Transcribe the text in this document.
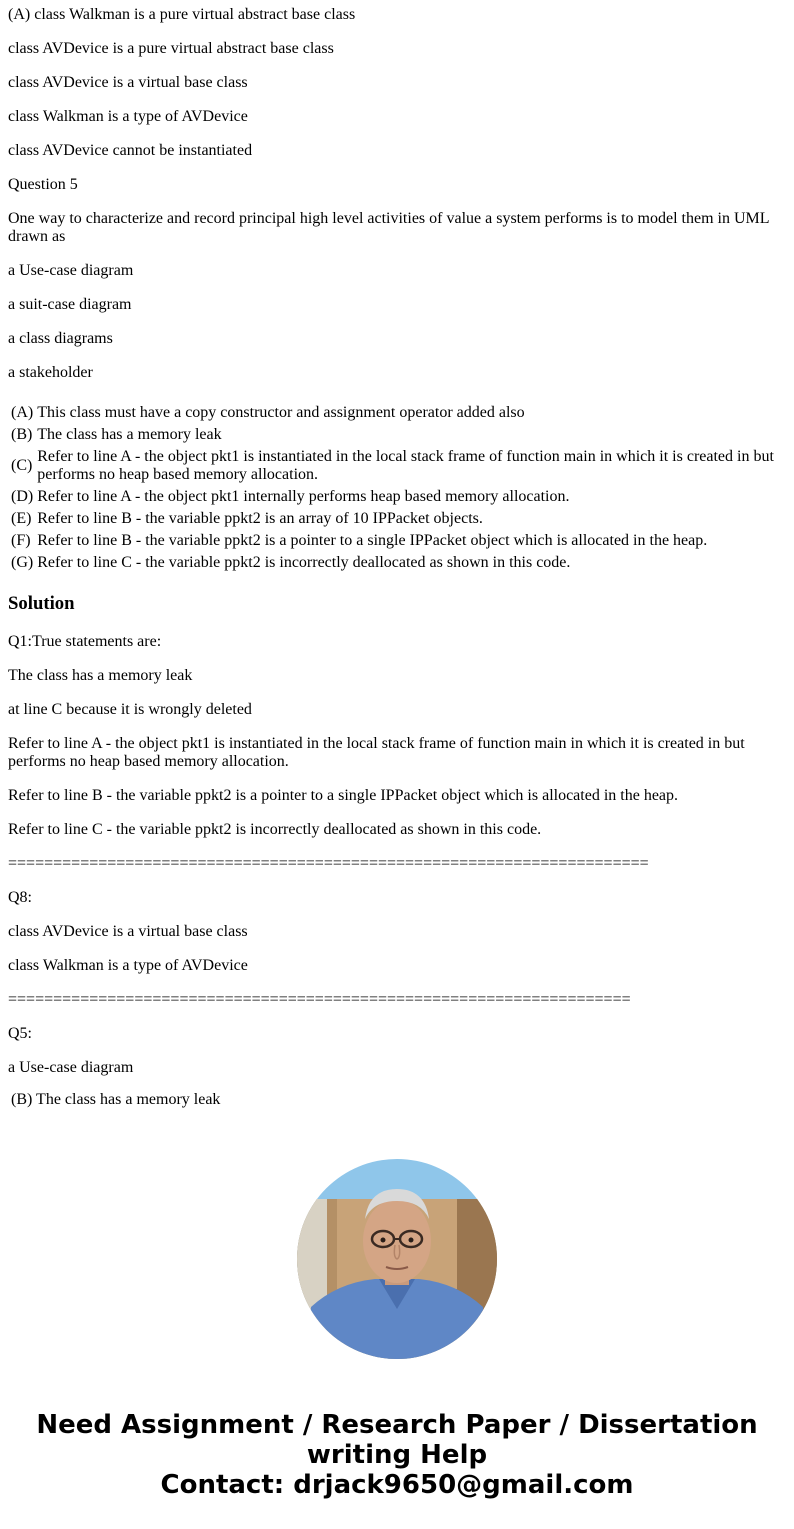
(A) class Walkman is a pure virtual abstract base class

class AVDevice is a pure virtual abstract base class

class AVDevice is a virtual base class

class Walkman is a type of AVDevice

class AVDevice cannot be instantiated

Question 5

One way to characterize and record principal high level activities of value a system performs is to model them in UML drawn as

a Use-case diagram

a suit-case diagram

a class diagrams

a stakeholder

(A)	This class must have a copy constructor and assignment operator added also
(B)	The class has a memory leak
(C)	Refer to line A - the object pkt1 is instantiated in the local stack frame of function main in which it is created in but performs no heap based memory allocation.
(D)	Refer to line A - the object pkt1 internally performs heap based memory allocation.
(E)	Refer to line B - the variable ppkt2 is an array of 10 IPPacket objects.
(F)	Refer to line B - the variable ppkt2 is a pointer to a single IPPacket object which is allocated in the heap.
(G)	Refer to line C - the variable ppkt2 is incorrectly deallocated as shown in this code.
Solution

Q1:True statements are:

The class has a memory leak

at line C because it is wrongly deleted

Refer to line A - the object pkt1 is instantiated in the local stack frame of function main in which it is created in but performs no heap based memory allocation.

Refer to line B - the variable ppkt2 is a pointer to a single IPPacket object which is allocated in the heap.

Refer to line C - the variable ppkt2 is incorrectly deallocated as shown in this code.

=======================================================================

Q8:

class AVDevice is a virtual base class

class Walkman is a type of AVDevice

=====================================================================

Q5:

a Use-case diagram

(B) The class has a memory leak

Need Assignment / Research Paper / Dissertation
writing Help
Contact: drjack9650@gmail.com
